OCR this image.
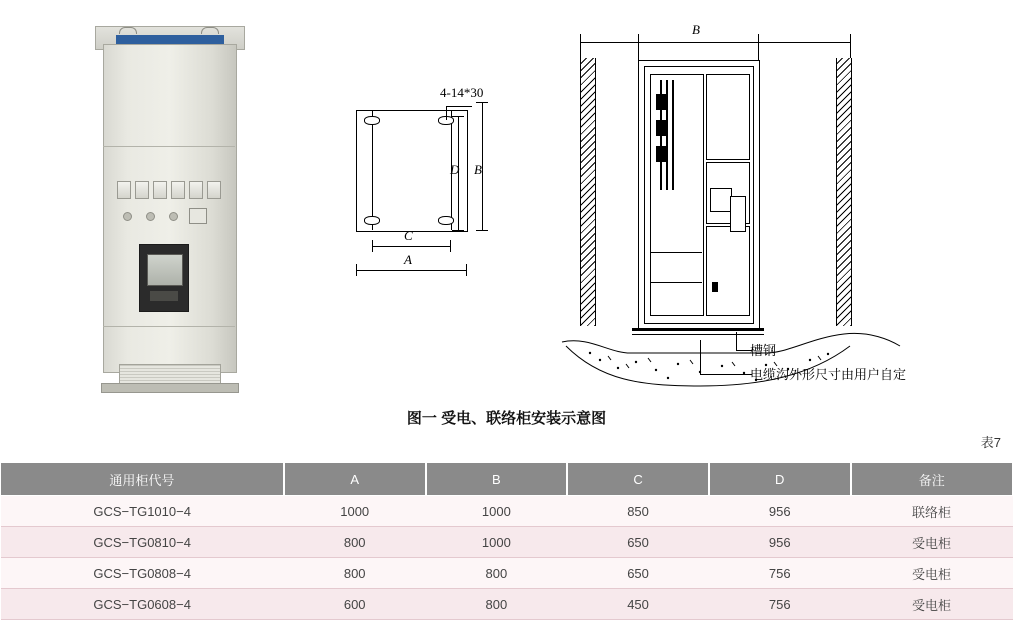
4-14*30
D B
C
A
B
槽钢
电缆沟外形尺寸由用户自定
图一 受电、联络柜安装示意图
表7
通用柜代号	A	B	C	D	备注
GCS−TG1010−4	1000	1000	850	956	联络柜
GCS−TG0810−4	800	1000	650	956	受电柜
GCS−TG0808−4	800	800	650	756	受电柜
GCS−TG0608−4	600	800	450	756	受电柜
